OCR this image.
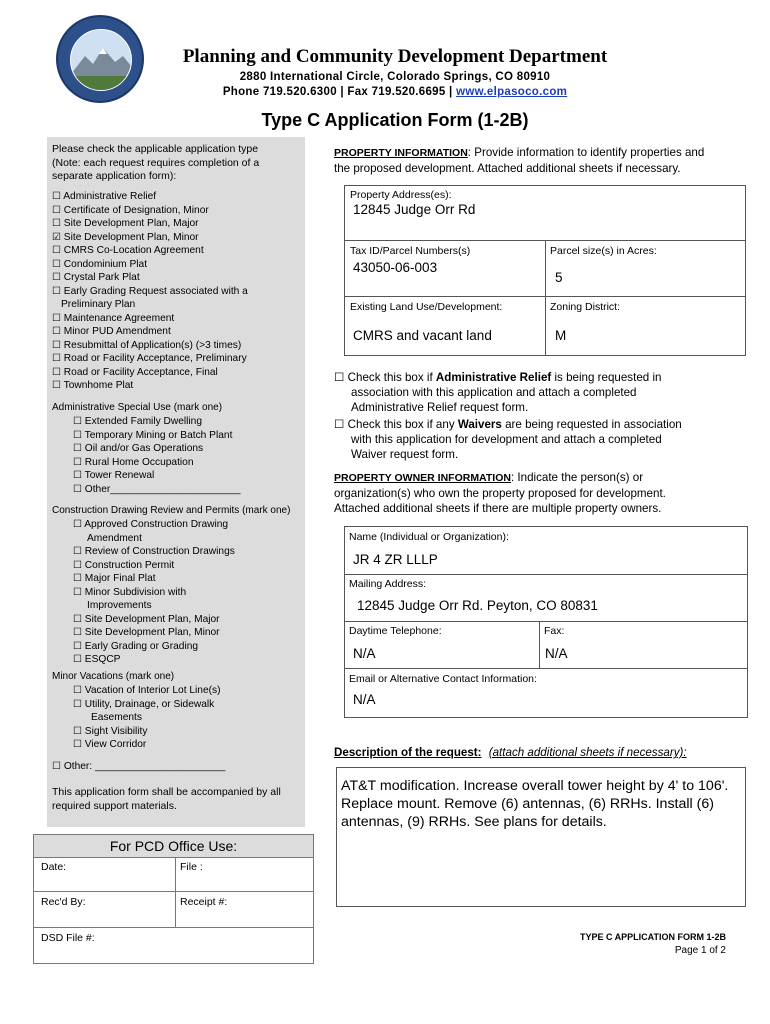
Planning and Community Development Department
2880 International Circle, Colorado Springs, CO 80910
Phone 719.520.6300 | Fax 719.520.6695 | www.elpasoco.com
Type C Application Form (1-2B)
Please check the applicable application type
(Note: each request requires completion of a
separate application form):
☐ Administrative Relief
☐ Certificate of Designation, Minor
☐ Site Development Plan, Major
☑ Site Development Plan, Minor
☐ CMRS Co-Location Agreement
☐ Condominium Plat
☐ Crystal Park Plat
☐ Early Grading Request associated with a
Preliminary Plan
☐ Maintenance Agreement
☐ Minor PUD Amendment
☐ Resubmittal of Application(s) (>3 times)
☐ Road or Facility Acceptance, Preliminary
☐ Road or Facility Acceptance, Final
☐ Townhome Plat
Administrative Special Use (mark one)
☐ Extended Family Dwelling
☐ Temporary Mining or Batch Plant
☐ Oil and/or Gas Operations
☐ Rural Home Occupation
☐ Tower Renewal
☐ Other_______________________
Construction Drawing Review and Permits (mark one)
☐ Approved Construction Drawing
Amendment
☐ Review of Construction Drawings
☐ Construction Permit
☐ Major Final Plat
☐ Minor Subdivision with
Improvements
☐ Site Development Plan, Major
☐ Site Development Plan, Minor
☐ Early Grading or Grading
☐ ESQCP
Minor Vacations (mark one)
☐ Vacation of Interior Lot Line(s)
☐ Utility, Drainage, or Sidewalk
Easements
☐ Sight Visibility
☐ View Corridor
☐ Other: _______________________
This application form shall be accompanied by all
required support materials.
For PCD Office Use:
Date:	File :
Rec'd By:	Receipt #:
DSD File #:
PROPERTY INFORMATION: Provide information to identify properties and
the proposed development. Attached additional sheets if necessary.
Property Address(es):
12845 Judge Orr Rd
Tax ID/Parcel Numbers(s)
43050-06-003
Parcel size(s) in Acres:
5
Existing Land Use/Development:
CMRS and vacant land
Zoning District:
M
☐ Check this box if Administrative Relief is being requested in
association with this application and attach a completed
Administrative Relief request form.
☐ Check this box if any Waivers are being requested in association
with this application for development and attach a completed
Waiver request form.
PROPERTY OWNER INFORMATION: Indicate the person(s) or
organization(s) who own the property proposed for development.
Attached additional sheets if there are multiple property owners.
Name (Individual or Organization):
JR 4 ZR LLLP
Mailing Address:
12845 Judge Orr Rd. Peyton, CO 80831
Daytime Telephone:
N/A
Fax:
N/A
Email or Alternative Contact Information:
N/A
Description of the request: (attach additional sheets if necessary):
AT&T modification. Increase overall tower height by 4' to 106'. Replace mount. Remove (6) antennas, (6) RRHs. Install (6) antennas, (9) RRHs. See plans for details.
TYPE C APPLICATION FORM 1-2B
Page 1 of 2
